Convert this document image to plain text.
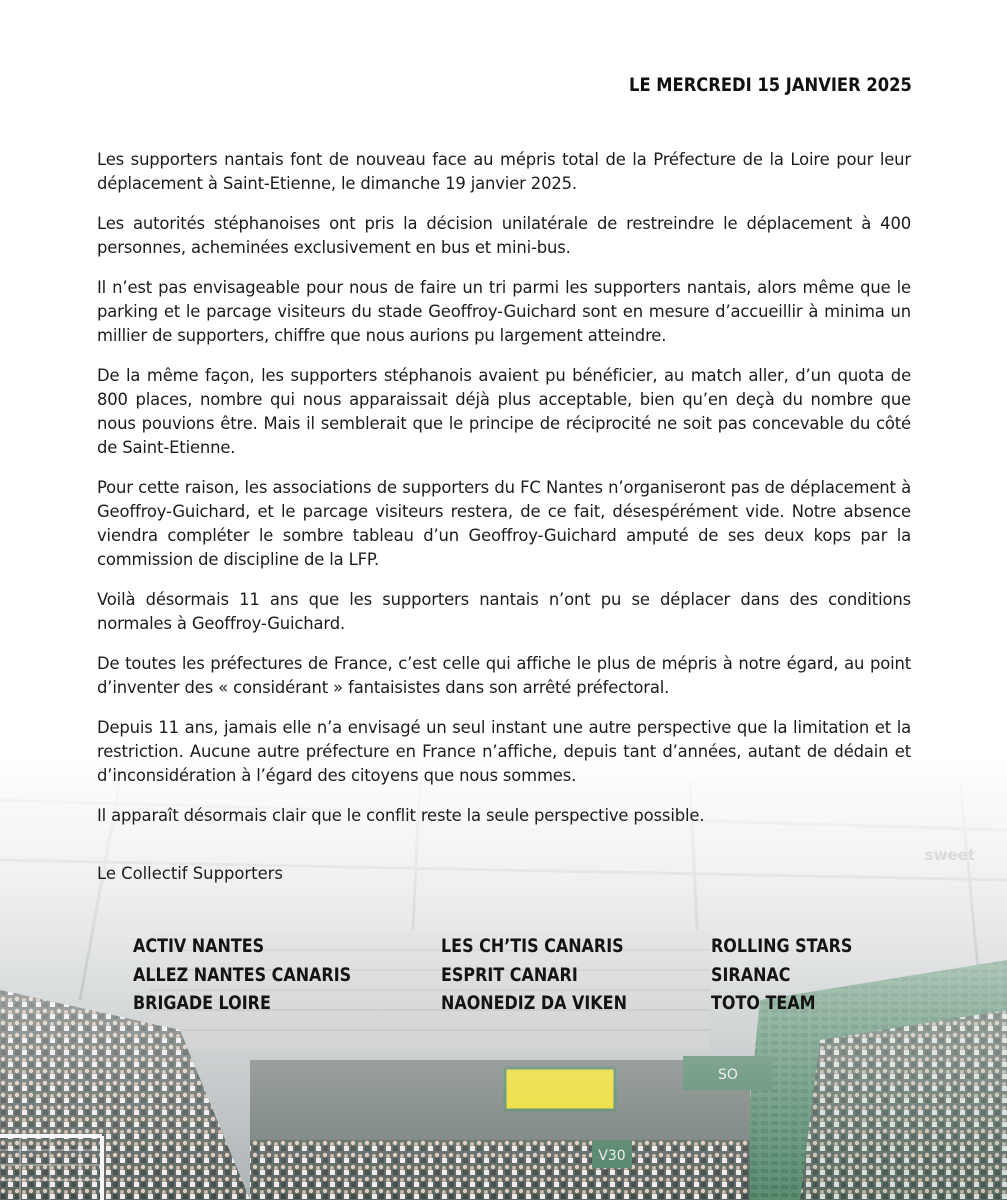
LE MERCREDI 15 JANVIER 2025

Les supporters nantais font de nouveau face au mépris total de la Préfecture de la Loire pour leur déplacement à Saint-Etienne, le dimanche 19 janvier 2025.

Les autorités stéphanoises ont pris la décision unilatérale de restreindre le déplacement à 400 personnes, acheminées exclusivement en bus et mini-bus.

Il n’est pas envisageable pour nous de faire un tri parmi les supporters nantais, alors même que le parking et le parcage visiteurs du stade Geoffroy-Guichard sont en mesure d’accueillir à minima un millier de supporters, chiffre que nous aurions pu largement atteindre.

De la même façon, les supporters stéphanois avaient pu bénéficier, au match aller, d’un quota de 800 places, nombre qui nous apparaissait déjà plus acceptable, bien qu’en deçà du nombre que nous pouvions être. Mais il semblerait que le principe de réciprocité ne soit pas concevable du côté de Saint-Etienne.

Pour cette raison, les associations de supporters du FC Nantes n’organiseront pas de déplacement à Geoffroy-Guichard, et le parcage visiteurs restera, de ce fait, désespérément vide. Notre absence viendra compléter le sombre tableau d’un Geoffroy-Guichard amputé de ses deux kops par la commission de discipline de la LFP.

Voilà désormais 11 ans que les supporters nantais n’ont pu se déplacer dans des conditions normales à Geoffroy-Guichard.

De toutes les préfectures de France, c’est celle qui affiche le plus de mépris à notre égard, au point d’inventer des « considérant » fantaisistes dans son arrêté préfectoral.

Depuis 11 ans, jamais elle n’a envisagé un seul instant une autre perspective que la limitation et la restriction. Aucune autre préfecture en France n’affiche, depuis tant d’années, autant de dédain et d’inconsidération à l’égard des citoyens que nous sommes.

Il apparaît désormais clair que le conflit reste la seule perspective possible.

Le Collectif Supporters
ACTIV NANTES
ALLEZ NANTES CANARIS
BRIGADE LOIRE
LES CH’TIS CANARIS
ESPRIT CANARI
NAONEDIZ DA VIKEN
ROLLING STARS
SIRANAC
TOTO TEAM
